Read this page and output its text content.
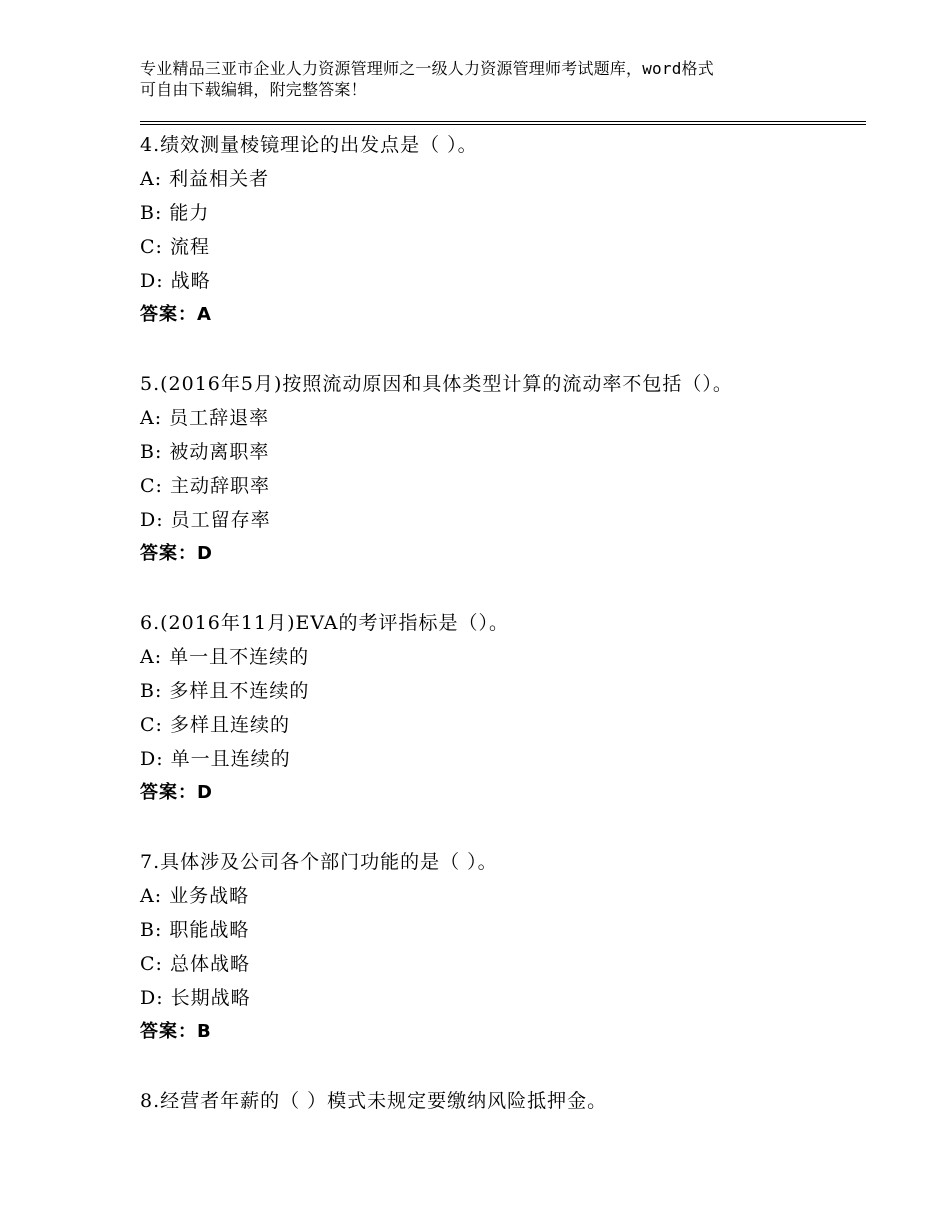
专业精品三亚市企业人力资源管理师之一级人力资源管理师考试题库，word格式
可自由下载编辑，附完整答案！
4.绩效测量棱镜理论的出发点是（ ）。
A: 利益相关者
B: 能力
C: 流程
D: 战略
答案：A
5.(2016年5月)按照流动原因和具体类型计算的流动率不包括（）。
A: 员工辞退率
B: 被动离职率
C: 主动辞职率
D: 员工留存率
答案：D
6.(2016年11月)EVA的考评指标是（）。
A: 单一且不连续的
B: 多样且不连续的
C: 多样且连续的
D: 单一且连续的
答案：D
7.具体涉及公司各个部门功能的是（ ）。
A: 业务战略
B: 职能战略
C: 总体战略
D: 长期战略
答案：B
8.经营者年薪的（ ）模式未规定要缴纳风险抵押金。
